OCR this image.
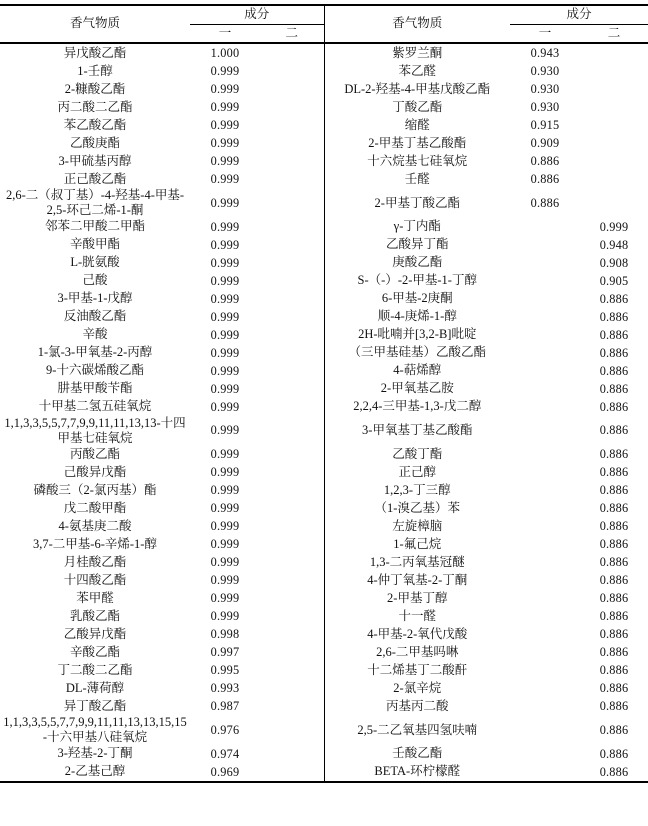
香气物质	成分		香气物质	成分	
	一	二		一	二
异戊酸乙酯	1.000		紫罗兰酮	0.943	
1-壬醇	0.999		苯乙醛	0.930	
2-糠酸乙酯	0.999		DL-2-羟基-4-甲基戊酸乙酯	0.930	
丙二酸二乙酯	0.999		丁酸乙酯	0.930	
苯乙酸乙酯	0.999		缩醛	0.915	
乙酸庚酯	0.999		2-甲基丁基乙酸酯	0.909	
3-甲硫基丙醇	0.999		十六烷基七硅氧烷	0.886	
正己酸乙酯	0.999		壬醛	0.886	
2,6-二（叔丁基）-4-羟基-4-甲基-2,5-环己二烯-1-酮	0.999		2-甲基丁酸乙酯	0.886	
邻苯二甲酸二甲酯	0.999		γ-丁内酯		0.999
辛酸甲酯	0.999		乙酸异丁酯		0.948
L-胱氨酸	0.999		庚酸乙酯		0.908
己酸	0.999		S-（-）-2-甲基-1-丁醇		0.905
3-甲基-1-戊醇	0.999		6-甲基-2庚酮		0.886
反油酸乙酯	0.999		顺-4-庚烯-1-醇		0.886
辛酸	0.999		2H-吡喃并[3,2-B]吡啶		0.886
1-氯-3-甲氧基-2-丙醇	0.999		（三甲基硅基）乙酸乙酯		0.886
9-十六碳烯酸乙酯	0.999		4-萜烯醇		0.886
肼基甲酸苄酯	0.999		2-甲氧基乙胺		0.886
十甲基二氢五硅氧烷	0.999		2,2,4-三甲基-1,3-戊二醇		0.886
1,1,3,3,5,5,7,7,9,9,11,11,13,13-十四甲基七硅氧烷	0.999		3-甲氧基丁基乙酸酯		0.886
丙酸乙酯	0.999		乙酸丁酯		0.886
己酸异戊酯	0.999		正己醇		0.886
磷酸三（2-氯丙基）酯	0.999		1,2,3-丁三醇		0.886
戊二酸甲酯	0.999		（1-溴乙基）苯		0.886
4-氨基庚二酸	0.999		左旋樟脑		0.886
3,7-二甲基-6-辛烯-1-醇	0.999		1-氟己烷		0.886
月桂酸乙酯	0.999		1,3-二丙氧基冠醚		0.886
十四酸乙酯	0.999		4-仲丁氧基-2-丁酮		0.886
苯甲醛	0.999		2-甲基丁醇		0.886
乳酸乙酯	0.999		十一醛		0.886
乙酸异戊酯	0.998		4-甲基-2-氧代戊酸		0.886
辛酸乙酯	0.997		2,6-二甲基吗啉		0.886
丁二酸二乙酯	0.995		十二烯基丁二酸酐		0.886
DL-薄荷醇	0.993		2-氯辛烷		0.886
异丁酸乙酯	0.987		丙基丙二酸		0.886
1,1,3,3,5,5,7,7,9,9,11,11,13,13,15,15-十六甲基八硅氧烷	0.976		2,5-二乙氧基四氢呋喃		0.886
3-羟基-2-丁酮	0.974		壬酸乙酯		0.886
2-乙基己醇	0.969		BETA-环柠檬醛		0.886
